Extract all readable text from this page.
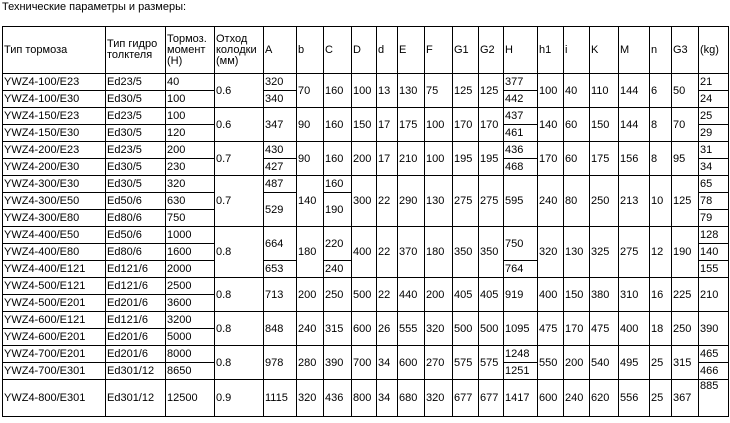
Технические параметры и размеры:
Тип тормоза	Тип гидро толктеля	Тормоз. момент (Н)	Отход колодки (мм)	A	b	C	D	d	E	F	G1	G2	H	h1	i	K	M	n	G3	(kg)
YWZ4-100/E23	Ed23/5	40	0.6	320	70	160	100	13	130	75	125	125	377	100	40	110	144	6	50	21
YWZ4-100/E30	Ed30/5	100		340									442							24
YWZ4-150/E23	Ed23/5	100	0.6	347	90	160	150	17	175	100	170	170	437	140	60	150	144	8	70	25
YWZ4-150/E30	Ed30/5	120											461							29
YWZ4-200/E23	Ed23/5	200	0.7	430	90	160	200	17	210	100	195	195	436	170	60	175	156	8	95	31
YWZ4-200/E30	Ed30/5	230		427									468							34
YWZ4-300/E30	Ed30/5	320	0.7	487	140	160	300	22	290	130	275	275	595	240	80	250	213	10	125	65
YWZ4-300/E50	Ed50/6	630		529		190														78
YWZ4-300/E80	Ed80/6	750																		79
YWZ4-400/E50	Ed50/6	1000	0.8	664	180	220	400	22	370	180	350	350	750	320	130	325	275	12	190	128
YWZ4-400/E80	Ed80/6	1600																		140
YWZ4-400/E121	Ed121/6	2000		653		240							764							155
YWZ4-500/E121	Ed121/6	2500	0.8	713	200	250	500	22	440	200	405	405	919	400	150	380	310	16	225	210
YWZ4-500/E201	Ed201/6	3600																		
YWZ4-600/E121	Ed121/6	3200	0.8	848	240	315	600	26	555	320	500	500	1095	475	170	475	400	18	250	390
YWZ4-600/E201	Ed201/6	5000																		
YWZ4-700/E201	Ed201/6	8000	0.8	978	280	390	700	34	600	270	575	575	1248	550	200	540	495	25	315	465
YWZ4-700/E301	Ed301/12	8650											1251							466
YWZ4-800/E301	Ed301/12	12500	0.9	1115	320	436	800	34	680	320	677	677	1417	600	240	620	556	25	367	885
